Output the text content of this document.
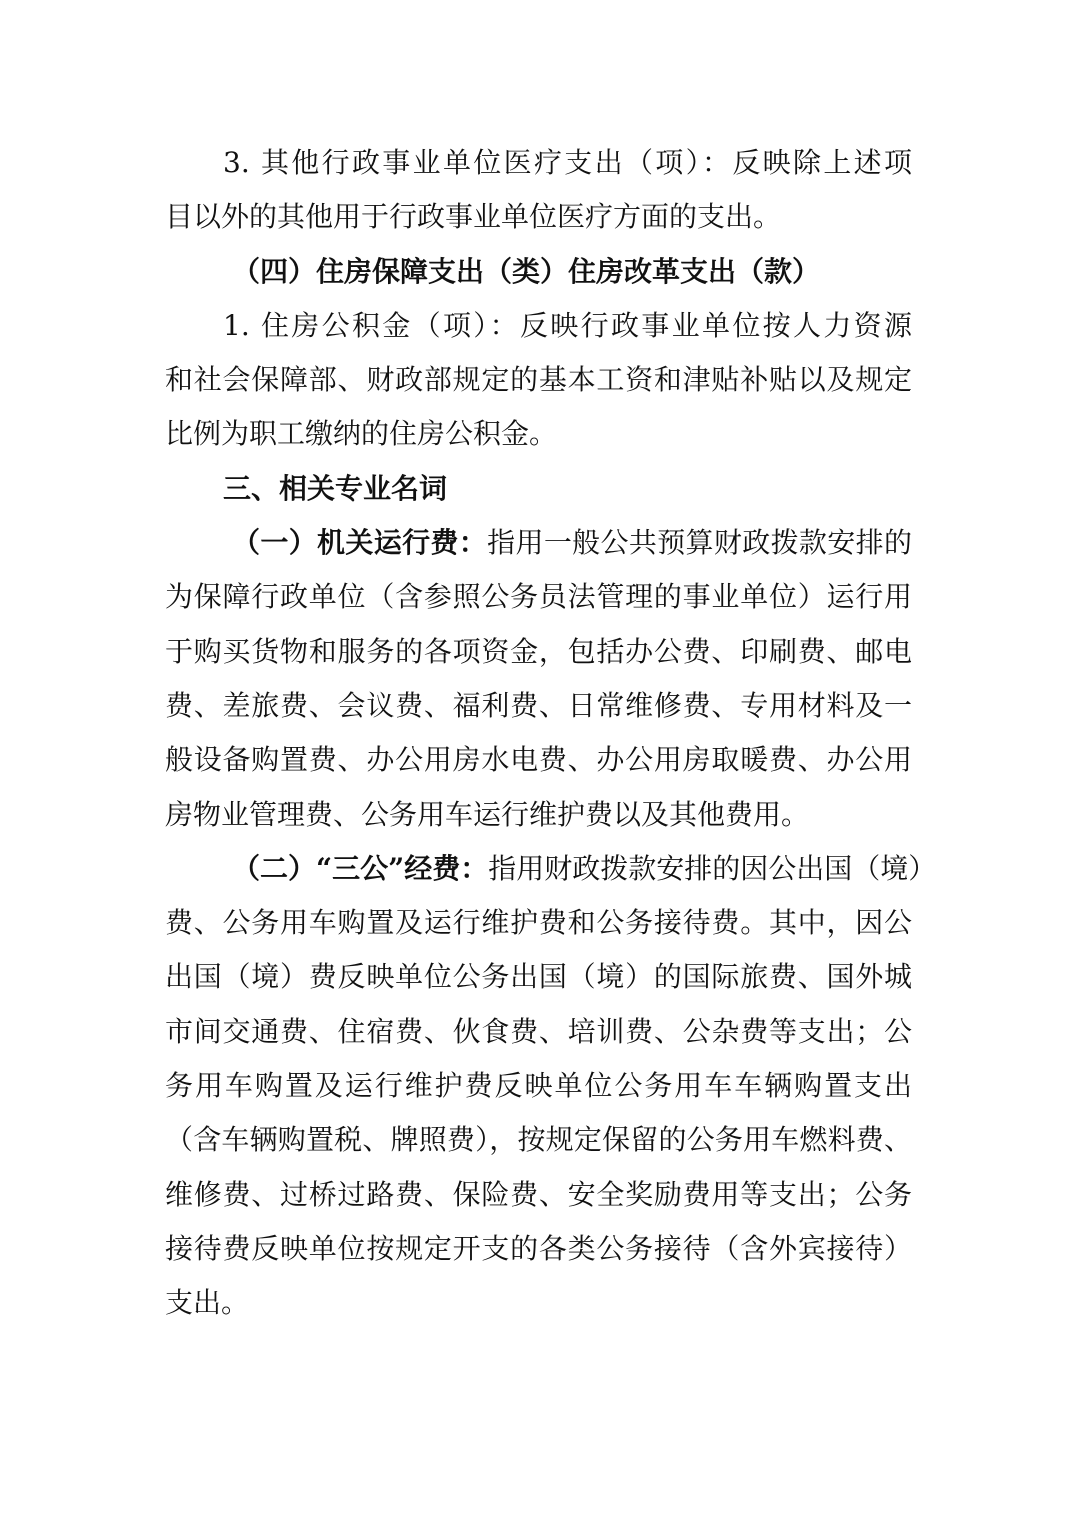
3. 其他行政事业单位医疗支出（项）：反映除上述项
目以外的其他用于行政事业单位医疗方面的支出。
（四）住房保障支出（类）住房改革支出（款）
1. 住房公积金（项）：反映行政事业单位按人力资源
和社会保障部、财政部规定的基本工资和津贴补贴以及规定
比例为职工缴纳的住房公积金。
三、相关专业名词
（一）机关运行费：指用一般公共预算财政拨款安排的
为保障行政单位（含参照公务员法管理的事业单位）运行用
于购买货物和服务的各项资金，包括办公费、印刷费、邮电
费、差旅费、会议费、福利费、日常维修费、专用材料及一
般设备购置费、办公用房水电费、办公用房取暖费、办公用
房物业管理费、公务用车运行维护费以及其他费用。
（二）“三公”经费：指用财政拨款安排的因公出国（境）
费、公务用车购置及运行维护费和公务接待费。其中，因公
出国（境）费反映单位公务出国（境）的国际旅费、国外城
市间交通费、住宿费、伙食费、培训费、公杂费等支出；公
务用车购置及运行维护费反映单位公务用车车辆购置支出
（含车辆购置税、牌照费），按规定保留的公务用车燃料费、
维修费、过桥过路费、保险费、安全奖励费用等支出；公务
接待费反映单位按规定开支的各类公务接待（含外宾接待）
支出。
